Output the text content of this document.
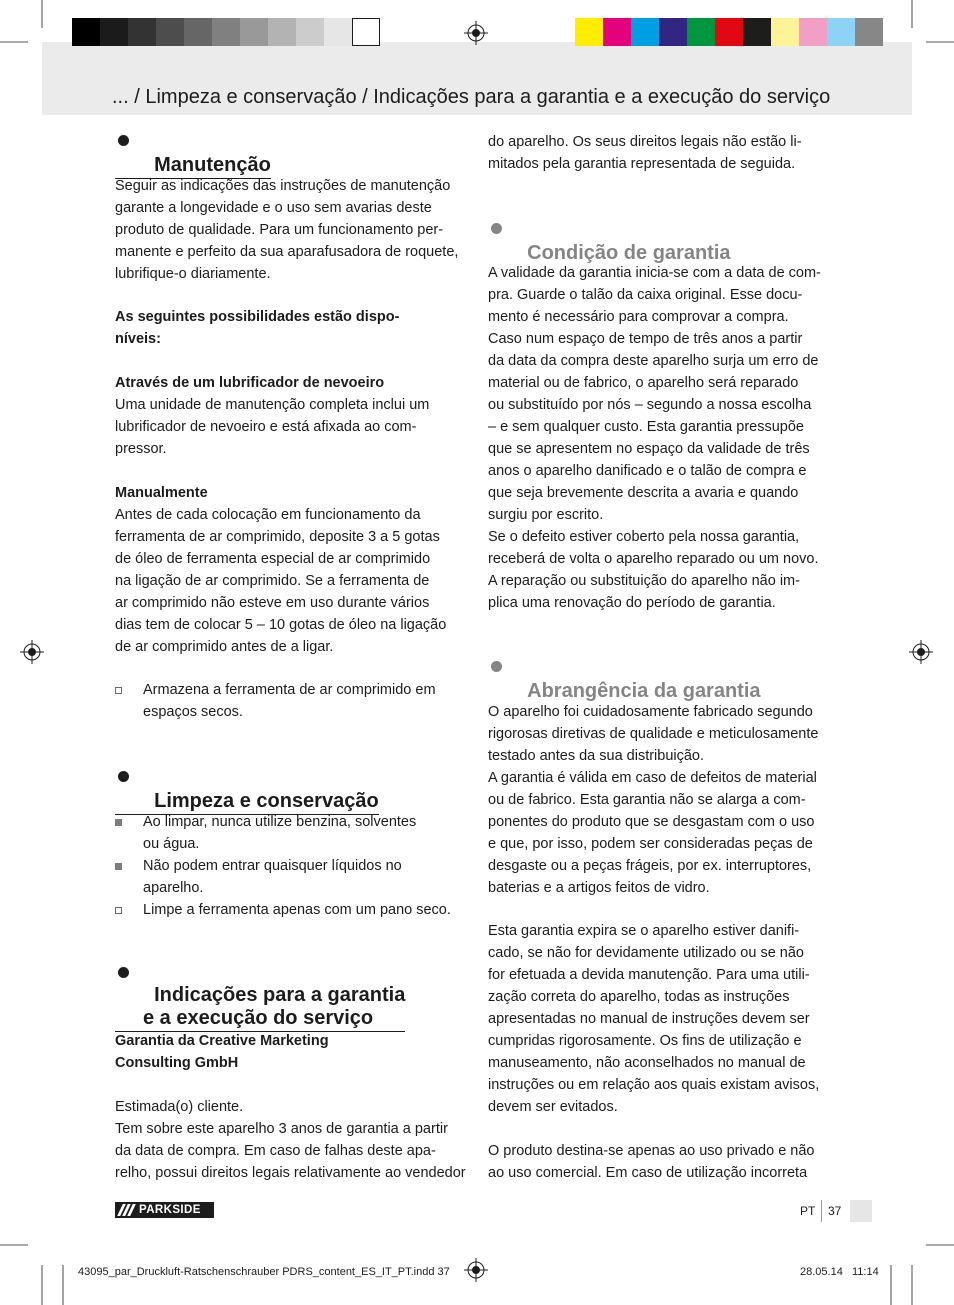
... / Limpeza e conservação / Indicações para a garantia e a execução do serviço

Manutenção

Seguir as indicações das instruções de manutenção
garante a longevidade e o uso sem avarias deste
produto de qualidade. Para um funcionamento per-
manente e perfeito da sua aparafusadora de roquete,
lubrifique-o diariamente.
As seguintes possibilidades estão dispo-
níveis:
Através de um lubrificador de nevoeiro
Uma unidade de manutenção completa inclui um
lubrificador de nevoeiro e está afixada ao com-
pressor.
Manualmente
Antes de cada colocação em funcionamento da
ferramenta de ar comprimido, deposite 3 a 5 gotas
de óleo de ferramenta especial de ar comprimido
na ligação de ar comprimido. Se a ferramenta de
ar comprimido não esteve em uso durante vários
dias tem de colocar 5 – 10 gotas de óleo na ligação
de ar comprimido antes de a ligar.
Armazena a ferramenta de ar comprimido em
espaços secos.

Limpeza e conservação

Ao limpar, nunca utilize benzina, solventes
ou água.
Não podem entrar quaisquer líquidos no
aparelho.
Limpe a ferramenta apenas com um pano seco.

Indicações para a garantia
e a execução do serviço

Garantia da Creative Marketing
Consulting GmbH
Estimada(o) cliente.
Tem sobre este aparelho 3 anos de garantia a partir
da data de compra. Em caso de falhas deste apa-
relho, possui direitos legais relativamente ao vendedor
do aparelho. Os seus direitos legais não estão li-
mitados pela garantia representada de seguida.

Condição de garantia

A validade da garantia inicia-se com a data de com-
pra. Guarde o talão da caixa original. Esse docu-
mento é necessário para comprovar a compra.
Caso num espaço de tempo de três anos a partir
da data da compra deste aparelho surja um erro de
material ou de fabrico, o aparelho será reparado
ou substituído por nós – segundo a nossa escolha
– e sem qualquer custo. Esta garantia pressupõe
que se apresentem no espaço da validade de três
anos o aparelho danificado e o talão de compra e
que seja brevemente descrita a avaria e quando
surgiu por escrito.
Se o defeito estiver coberto pela nossa garantia,
receberá de volta o aparelho reparado ou um novo.
A reparação ou substituição do aparelho não im-
plica uma renovação do período de garantia.

Abrangência da garantia

O aparelho foi cuidadosamente fabricado segundo
rigorosas diretivas de qualidade e meticulosamente
testado antes da sua distribuição.
A garantia é válida em caso de defeitos de material
ou de fabrico. Esta garantia não se alarga a com-
ponentes do produto que se desgastam com o uso
e que, por isso, podem ser consideradas peças de
desgaste ou a peças frágeis, por ex. interruptores,
baterias e a artigos feitos de vidro.
Esta garantia expira se o aparelho estiver danifi-
cado, se não for devidamente utilizado ou se não
for efetuada a devida manutenção. Para uma utili-
zação correta do aparelho, todas as instruções
apresentadas no manual de instruções devem ser
cumpridas rigorosamente. Os fins de utilização e
manuseamento, não aconselhados no manual de
instruções ou em relação aos quais existam avisos,
devem ser evitados.
O produto destina-se apenas ao uso privado e não
ao uso comercial. Em caso de utilização incorreta
PARKSIDE	PT 37
43095_par_Druckluft-Ratschenschrauber PDRS_content_ES_IT_PT.indd 37	28.05.14   11:14
